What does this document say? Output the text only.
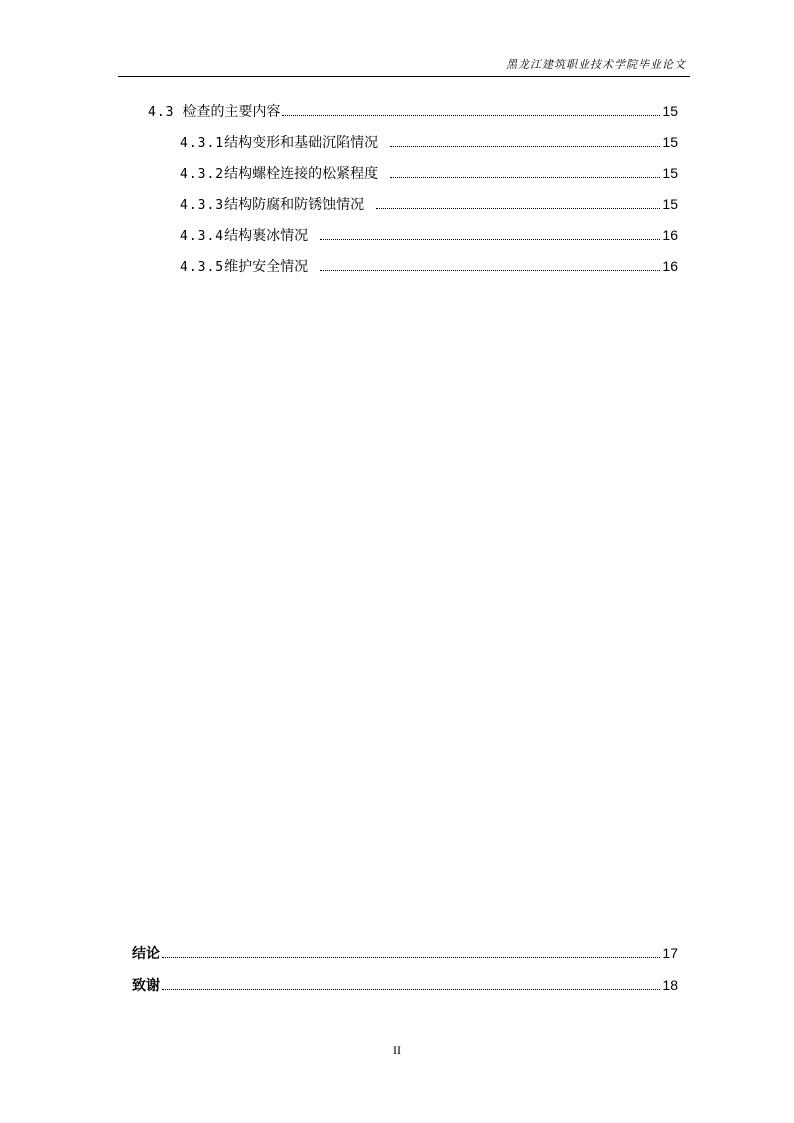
黑龙江建筑职业技术学院毕业论文
4.3 检查的主要内容	15
4.3.1 结构变形和基础沉陷情况	15
4.3.2 结构螺栓连接的松紧程度	15
4.3.3 结构防腐和防锈蚀情况	15
4.3.4 结构裹冰情况	16
4.3.5 维护安全情况	16
结论	17
致谢	18
II
